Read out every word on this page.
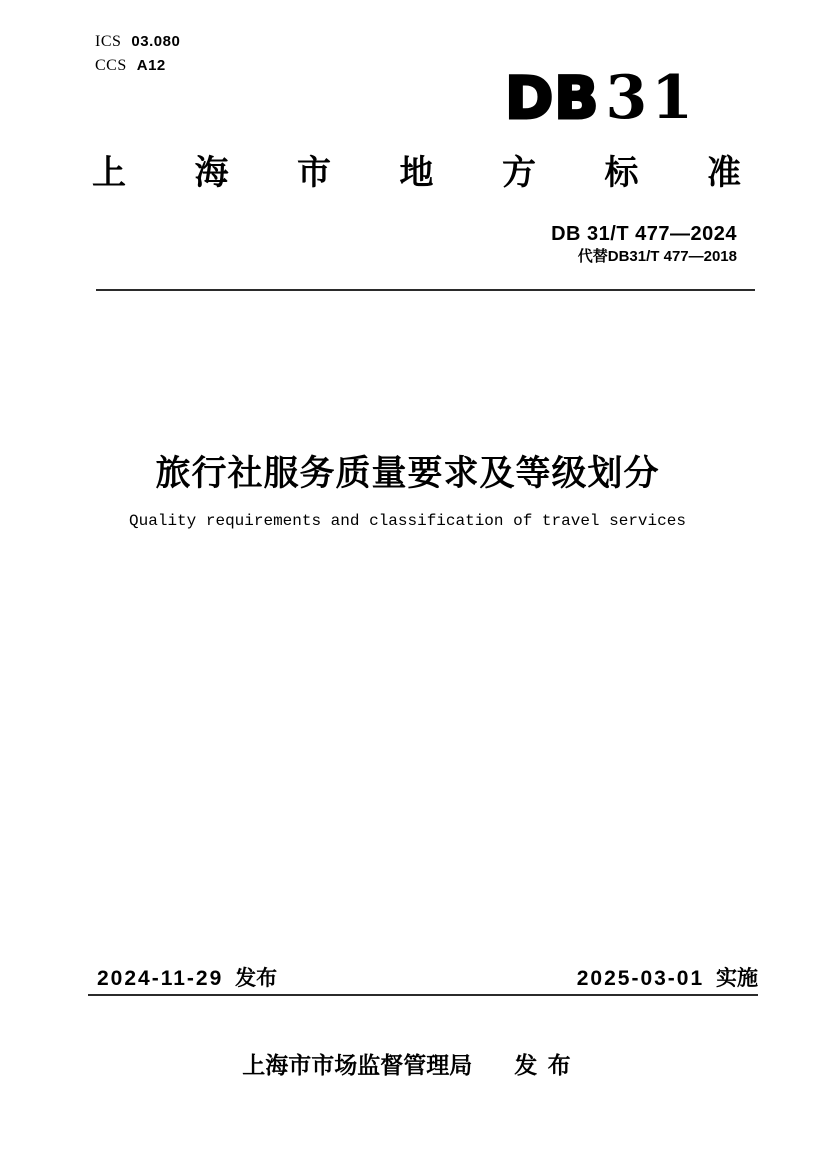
ICS 03.080
CCS A12	DB 31
上 海 市 地 方 标 准
DB 31/T 477—2024
代替DB31/T 477—2018
旅行社服务质量要求及等级划分
Quality requirements and classification of travel services
2024-11-29 发布	2025-03-01 实施
上海市市场监督管理局 发 布
